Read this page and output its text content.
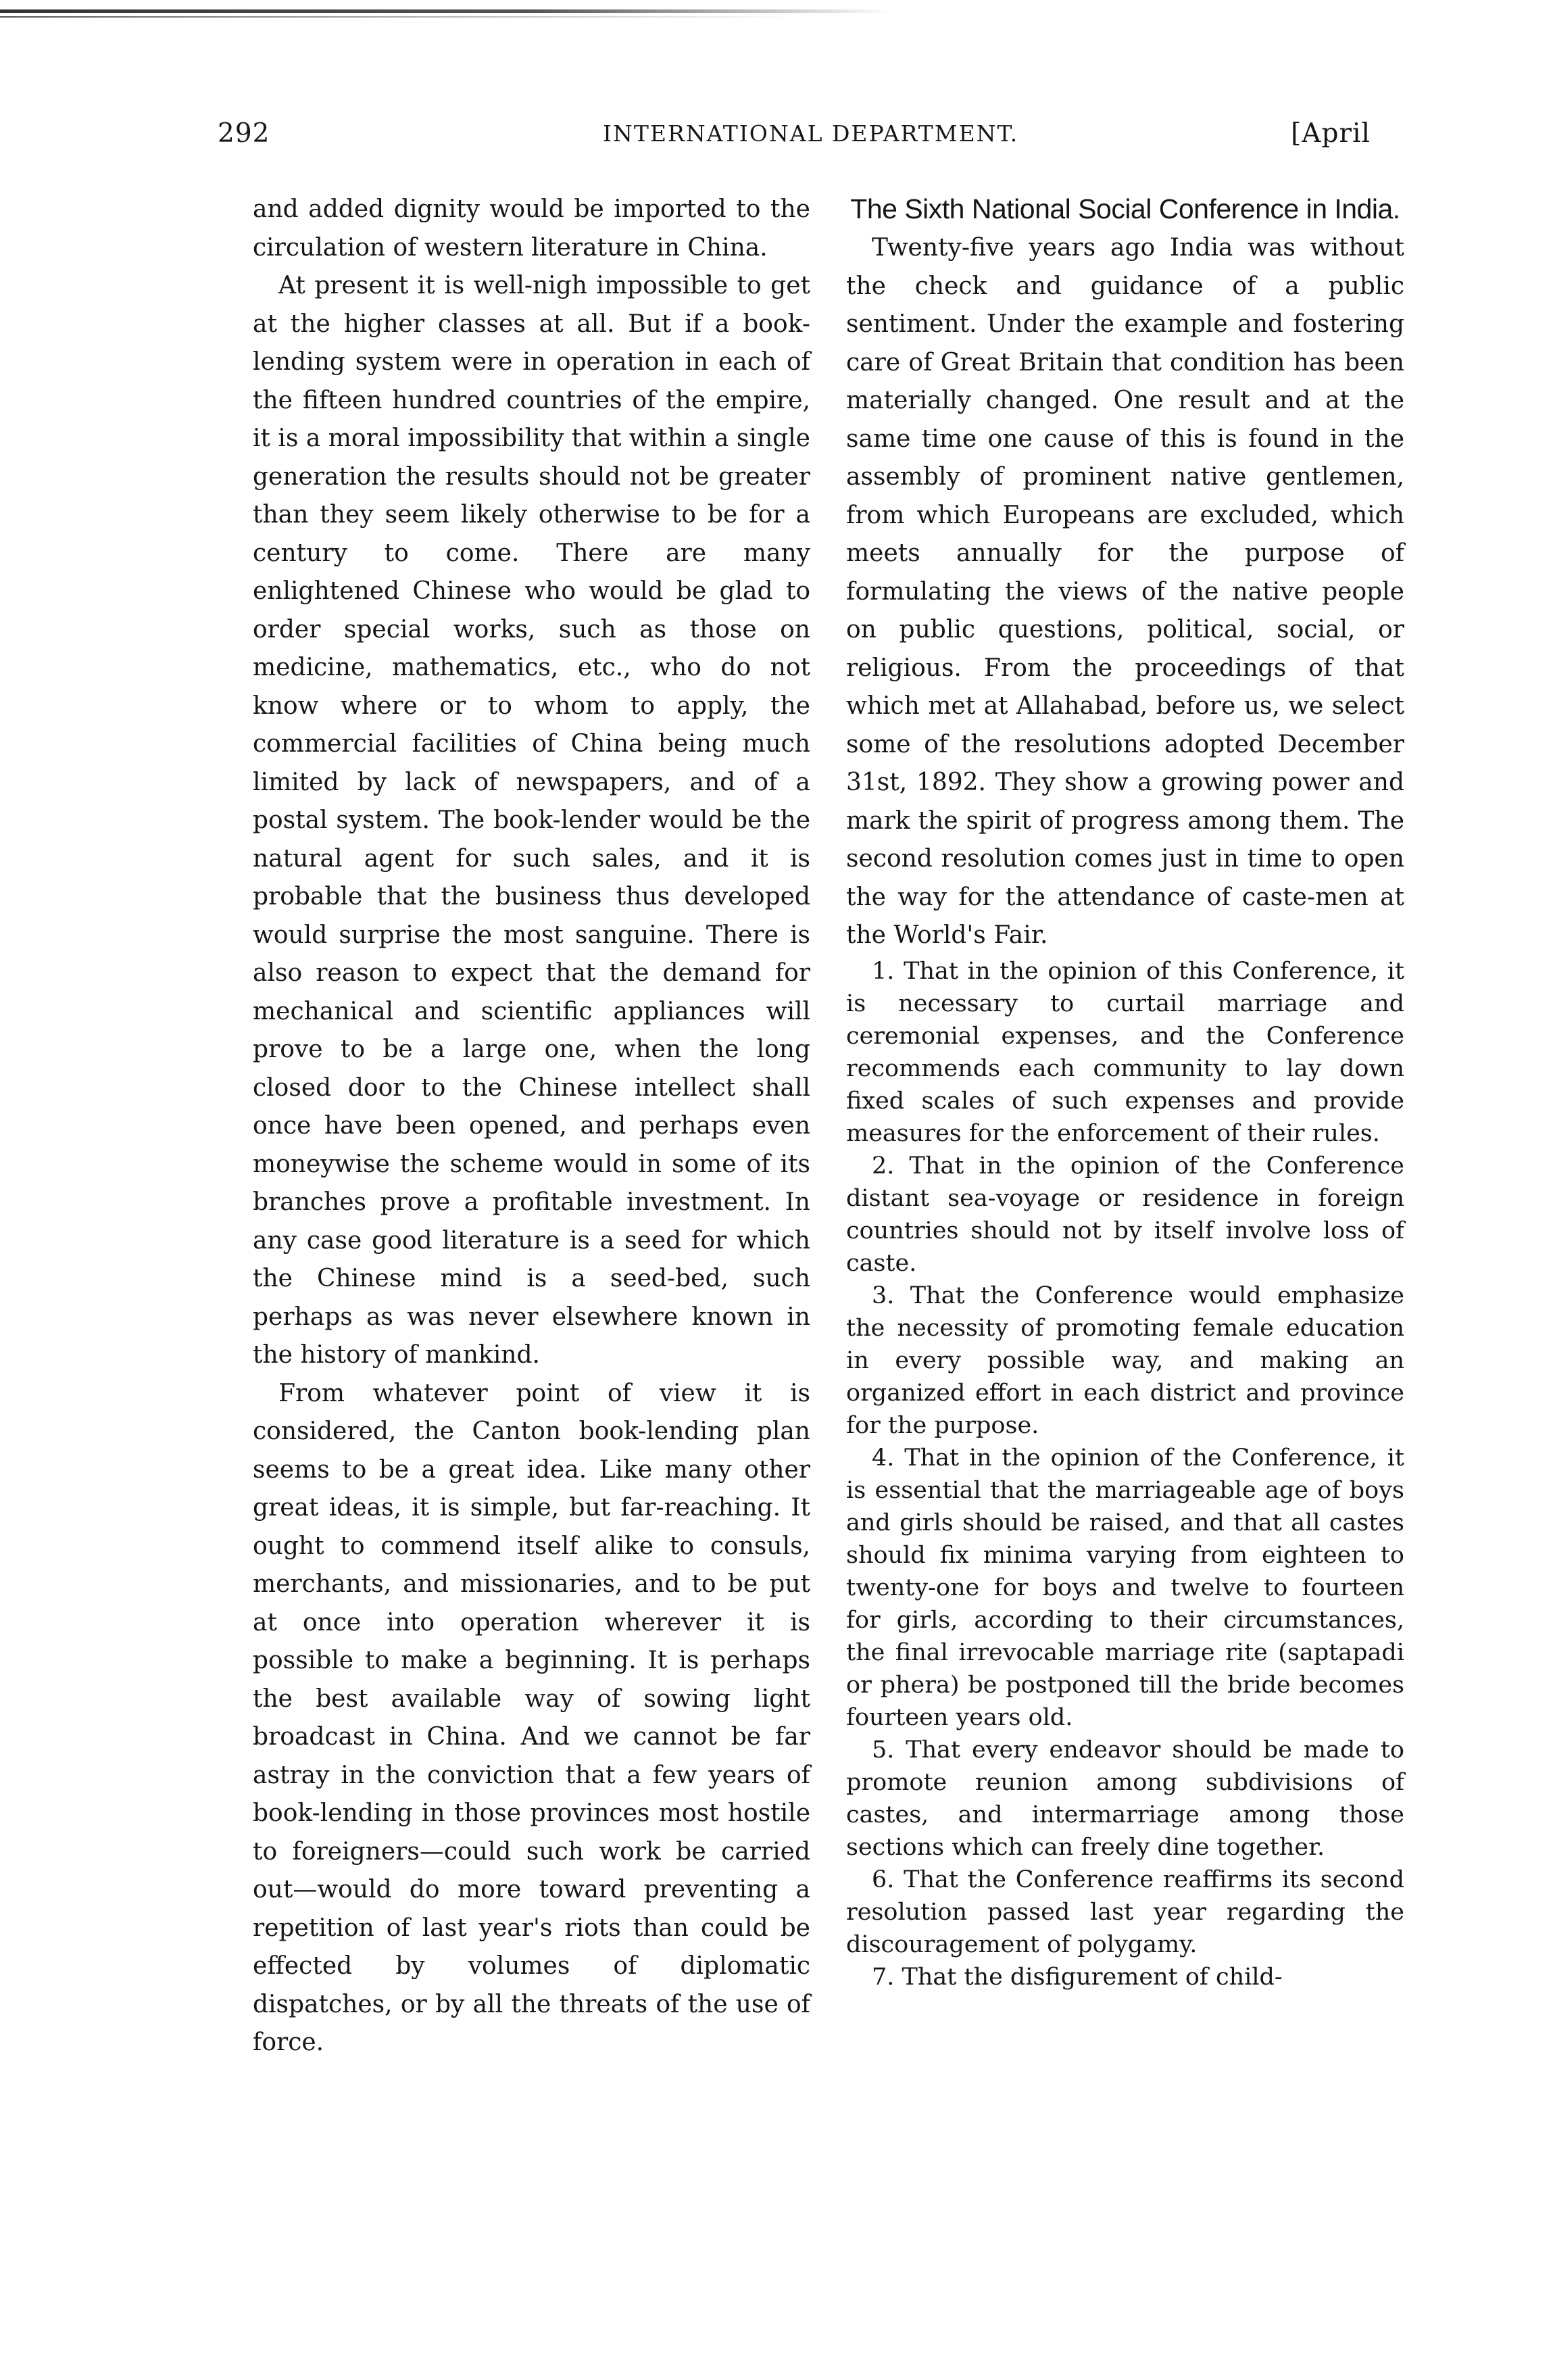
292	INTERNATIONAL DEPARTMENT.	[April

and added dignity would be imported to the circulation of western literature in China.

At present it is well-nigh impossible to get at the higher classes at all. But if a book-lending system were in operation in each of the fifteen hundred countries of the empire, it is a moral impossibility that within a single generation the results should not be greater than they seem likely otherwise to be for a century to come. There are many enlightened Chinese who would be glad to order special works, such as those on medicine, mathematics, etc., who do not know where or to whom to apply, the commercial facilities of China being much limited by lack of newspapers, and of a postal system. The book-lender would be the natural agent for such sales, and it is probable that the business thus developed would surprise the most sanguine. There is also reason to expect that the demand for mechanical and scientific appliances will prove to be a large one, when the long closed door to the Chinese intellect shall once have been opened, and perhaps even moneywise the scheme would in some of its branches prove a profitable investment. In any case good literature is a seed for which the Chinese mind is a seed-bed, such perhaps as was never elsewhere known in the history of mankind.

From whatever point of view it is considered, the Canton book-lending plan seems to be a great idea. Like many other great ideas, it is simple, but far-reaching. It ought to commend itself alike to consuls, merchants, and missionaries, and to be put at once into operation wherever it is possible to make a beginning. It is perhaps the best available way of sowing light broadcast in China. And we cannot be far astray in the conviction that a few years of book-lending in those provinces most hostile to foreigners—could such work be carried out—would do more toward preventing a repetition of last year's riots than could be effected by volumes of diplomatic dispatches, or by all the threats of the use of force.

The Sixth National Social Conference in India.

Twenty-five years ago India was without the check and guidance of a public sentiment. Under the example and fostering care of Great Britain that condition has been materially changed. One result and at the same time one cause of this is found in the assembly of prominent native gentlemen, from which Europeans are excluded, which meets annually for the purpose of formulating the views of the native people on public questions, political, social, or religious. From the proceedings of that which met at Allahabad, before us, we select some of the resolutions adopted December 31st, 1892. They show a growing power and mark the spirit of progress among them. The second resolution comes just in time to open the way for the attendance of caste-men at the World's Fair.

1. That in the opinion of this Conference, it is necessary to curtail marriage and ceremonial expenses, and the Conference recommends each community to lay down fixed scales of such expenses and provide measures for the enforcement of their rules.

2. That in the opinion of the Conference distant sea-voyage or residence in foreign countries should not by itself involve loss of caste.

3. That the Conference would emphasize the necessity of promoting female education in every possible way, and making an organized effort in each district and province for the purpose.

4. That in the opinion of the Conference, it is essential that the marriageable age of boys and girls should be raised, and that all castes should fix minima varying from eighteen to twenty-one for boys and twelve to fourteen for girls, according to their circumstances, the final irrevocable marriage rite (saptapadi or phera) be postponed till the bride becomes fourteen years old.

5. That every endeavor should be made to promote reunion among subdivisions of castes, and intermarriage among those sections which can freely dine together.

6. That the Conference reaffirms its second resolution passed last year regarding the discouragement of polygamy.

7. That the disfigurement of child-
